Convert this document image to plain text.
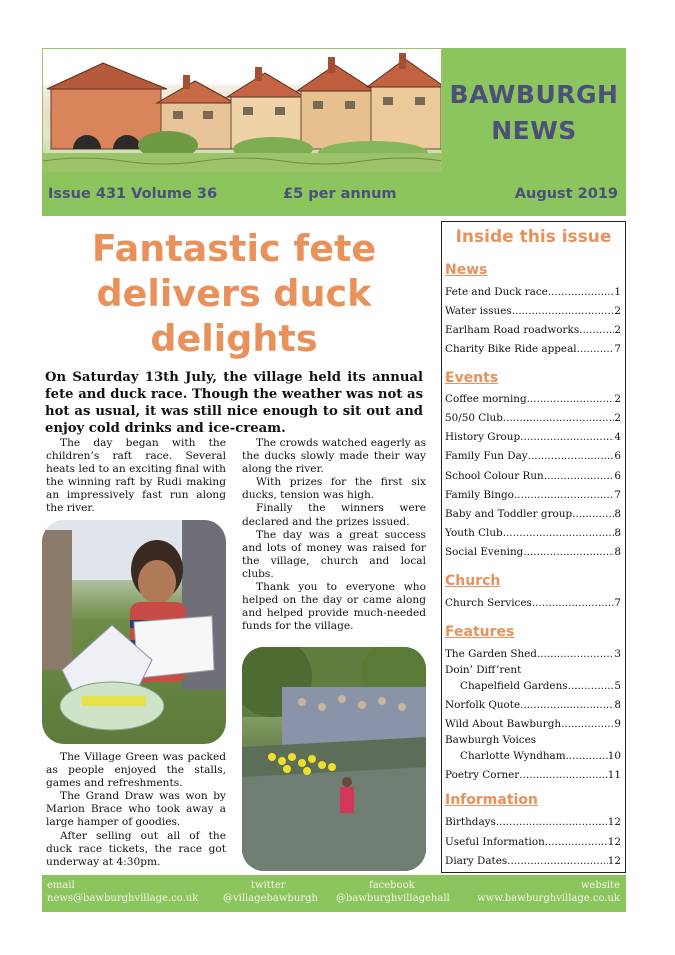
BAWBURGH
NEWS
Issue 431 Volume 36	£5 per annum	August 2019
Fantastic fete delivers duck delights
On Saturday 13th July, the village held its annual fete and duck race. Though the weather was not as hot as usual, it was still nice enough to sit out and enjoy cold drinks and ice-cream.

The day began with the children’s raft race. Several heats led to an exciting final with the winning raft by Rudi making an impressively fast run along the river.

The Village Green was packed as people enjoyed the stalls, games and refreshments.

The Grand Draw was won by Marion Brace who took away a large hamper of goodies.

After selling out all of the duck race tickets, the race got underway at 4:30pm.

The crowds watched eagerly as the ducks slowly made their way along the river.

With prizes for the first six ducks, tension was high.

Finally the winners were declared and the prizes issued.

The day was a great success and lots of money was raised for the village, church and local clubs.

Thank you to everyone who helped on the day or came along and helped provide much-needed funds for the village.

Inside this issue
News
Fete and Duck race .....	1
Water issues .....	2
Earlham Road roadworks .....	2
Charity Bike Ride appeal .....	7
Events
Coffee morning .....	2
50/50 Club .....	2
History Group .....	4
Family Fun Day .....	6
School Colour Run .....	6
Family Bingo .....	7
Baby and Toddler group .....	8
Youth Club .....	8
Social Evening .....	8
Church
Church Services .....	7
Features
The Garden Shed .....	3
Doin’ Diff’rent
Chapelfield Gardens .....	5
Norfolk Quote .....	8
Wild About Bawburgh .....	9
Bawburgh Voices
Charlotte Wyndham .....	10
Poetry Corner .....	11
Information
Birthdays .....	12
Useful Information .....	12
Diary Dates .....	12
email
news@bawburghvillage.co.uk
twitter
@villagebawburgh
facebook
@bawburghvillagehall
website
www.bawburghvillage.co.uk
